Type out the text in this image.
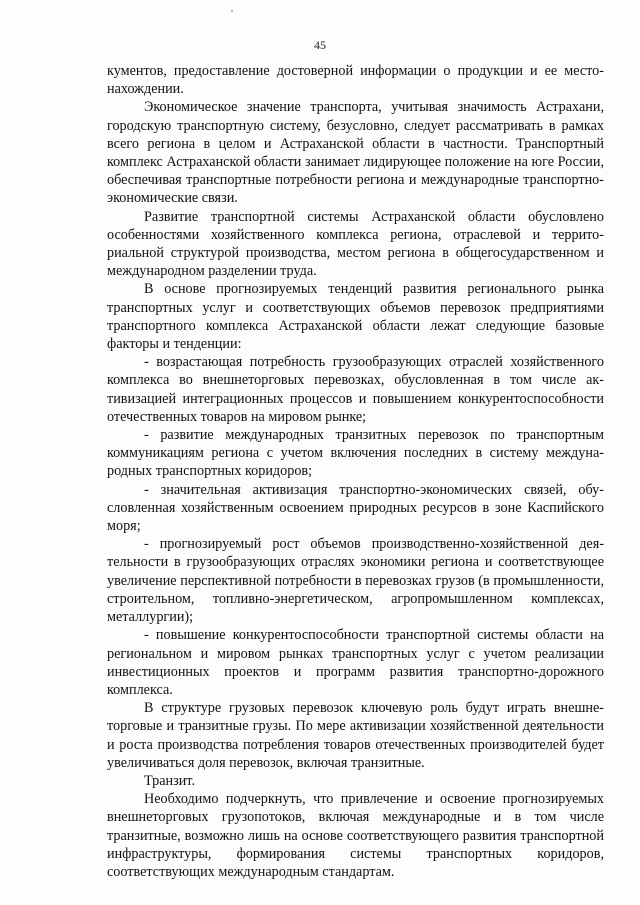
45

кументов, предоставление достоверной информации о продукции и ее местонахождении.

Экономическое значение транспорта, учитывая значимость Астрахани, городскую транспортную систему, безусловно, следует рассматривать в рамках всего региона в целом и Астраханской области в частности. Транспортный комплекс Астраханской области занимает лидирующее положение на юге России, обеспечивая транспортные потребности региона и международные транспортно-экономические связи.

Развитие транспортной системы Астраханской области обусловлено особенностями хозяйственного комплекса региона, отраслевой и территориальной структурой производства, местом региона в общегосударственном и международном разделении труда.

В основе прогнозируемых тенденций развития регионального рынка транспортных услуг и соответствующих объемов перевозок предприятиями транспортного комплекса Астраханской области лежат следующие базовые факторы и тенденции:

- возрастающая потребность грузообразующих отраслей хозяйственного комплекса во внешнеторговых перевозках, обусловленная в том числе активизацией интеграционных процессов и повышением конкурентоспособности отечественных товаров на мировом рынке;

- развитие международных транзитных перевозок по транспортным коммуникациям региона с учетом включения последних в систему международных транспортных коридоров;

- значительная активизация транспортно-экономических связей, обусловленная хозяйственным освоением природных ресурсов в зоне Каспийского моря;

- прогнозируемый рост объемов производственно-хозяйственной деятельности в грузообразующих отраслях экономики региона и соответствующее увеличение перспективной потребности в перевозках грузов (в промышленности, строительном, топливно-энергетическом, агропромышленном комплексах, металлургии);

- повышение конкурентоспособности транспортной системы области на региональном и мировом рынках транспортных услуг с учетом реализации инвестиционных проектов и программ развития транспортно-дорожного комплекса.

В структуре грузовых перевозок ключевую роль будут играть внешнеторговые и транзитные грузы. По мере активизации хозяйственной деятельности и роста производства потребления товаров отечественных производителей будет увеличиваться доля перевозок, включая транзитные.

Транзит.

Необходимо подчеркнуть, что привлечение и освоение прогнозируемых внешнеторговых грузопотоков, включая международные и в том числе транзитные, возможно лишь на основе соответствующего развития транспортной инфраструктуры, формирования системы транспортных коридоров, соответствующих международным стандартам.
